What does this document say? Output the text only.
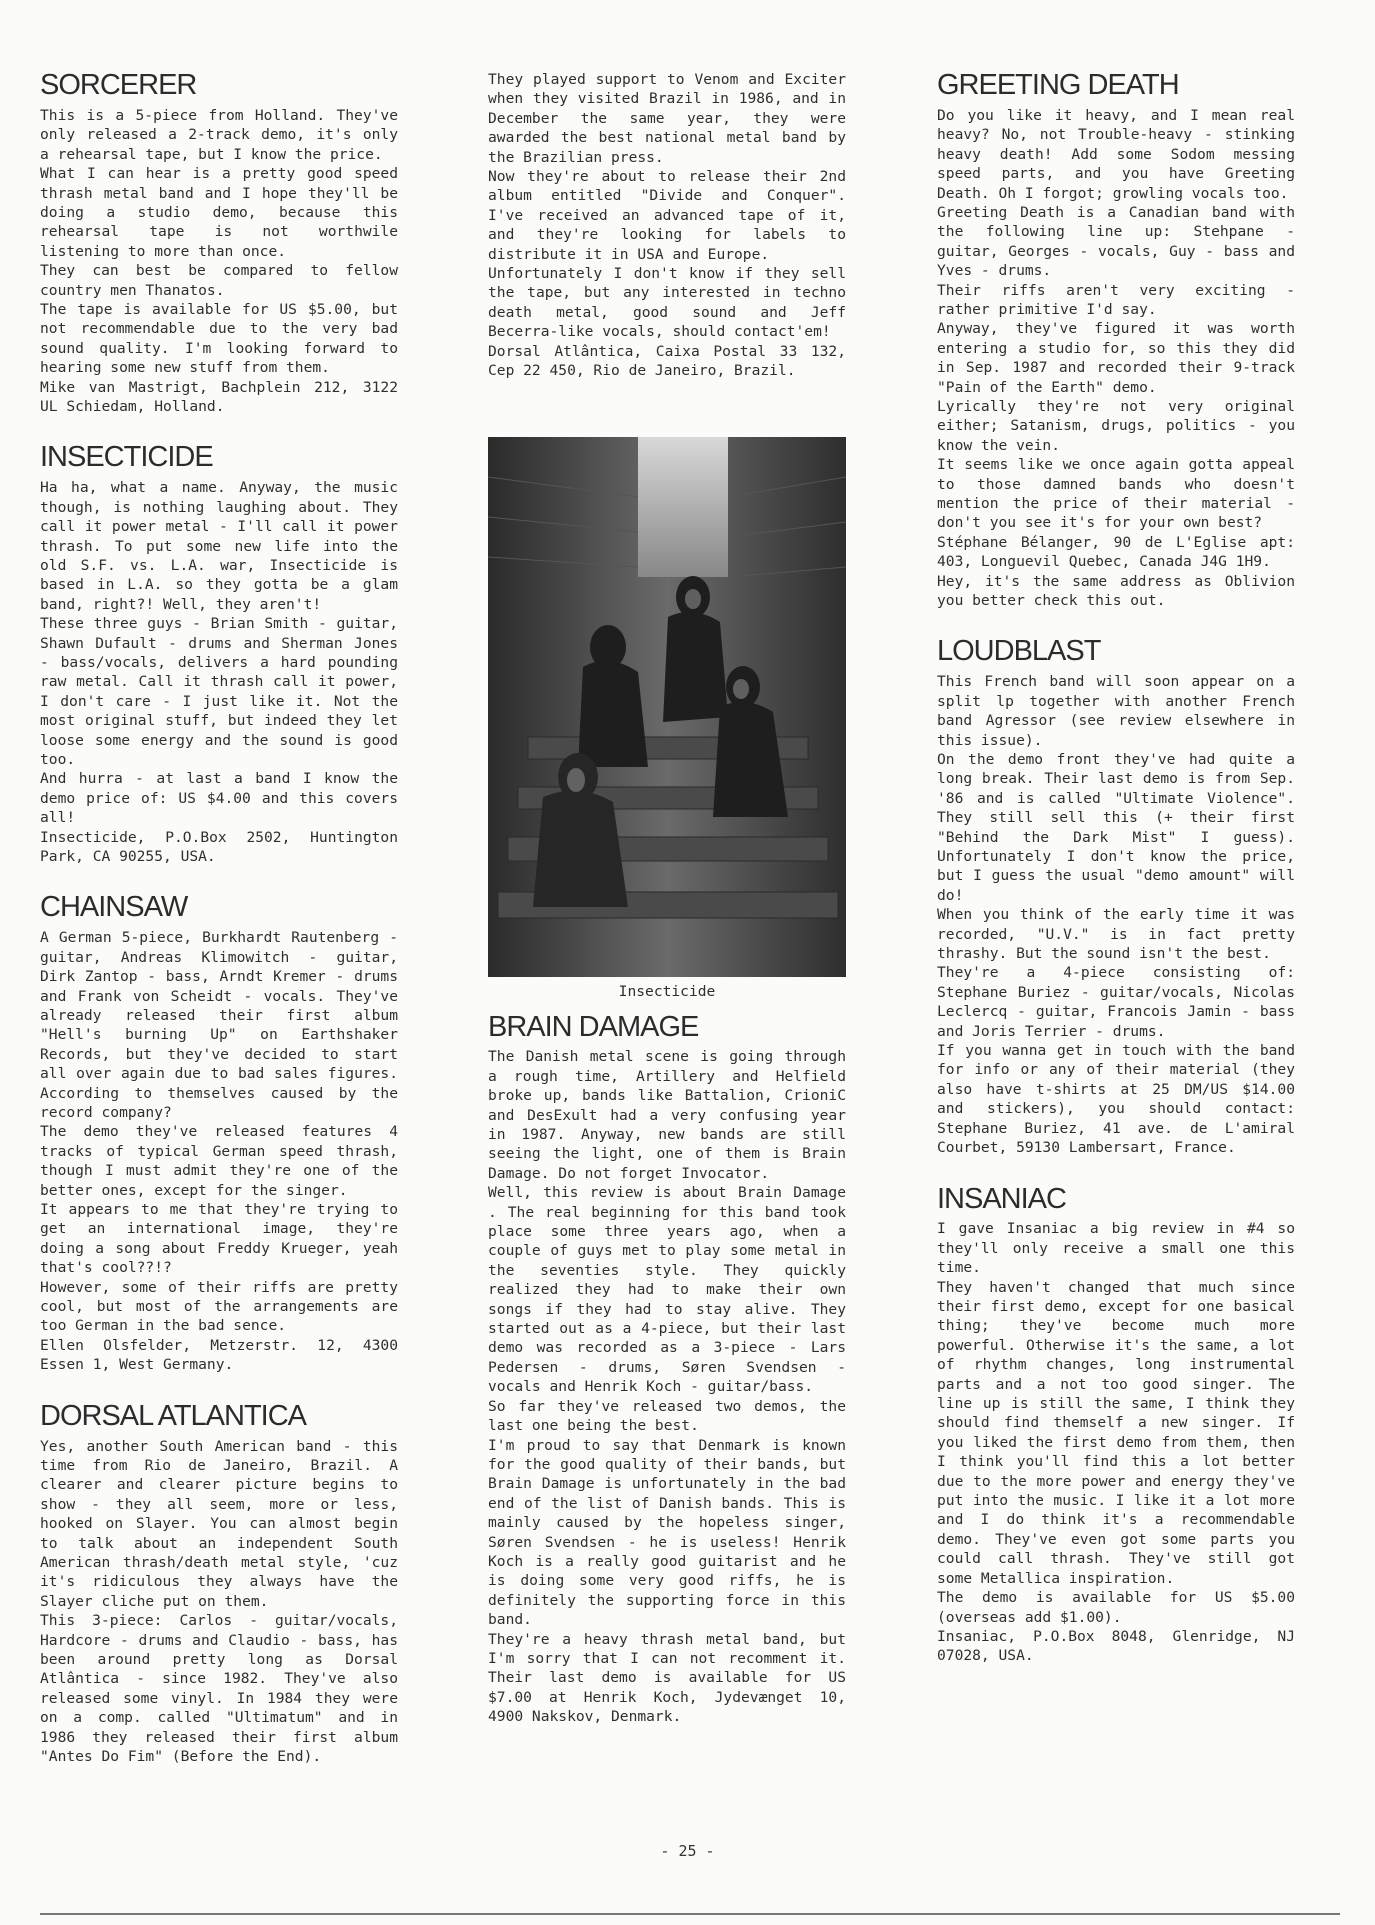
SORCERER

This is a 5-piece from Holland. They've only released a 2-track demo, it's only a rehearsal tape, but I know the price.
What I can hear is a pretty good speed thrash metal band and I hope they'll be doing a studio demo, because this rehearsal tape is not worthwile listening to more than once.
They can best be compared to fellow country men Thanatos.
The tape is available for US $5.00, but not recommendable due to the very bad sound quality. I'm looking forward to hearing some new stuff from them.
Mike van Mastrigt, Bachplein 212, 3122 UL Schiedam, Holland.

INSECTICIDE

Ha ha, what a name. Anyway, the music though, is nothing laughing about. They call it power metal - I'll call it power thrash. To put some new life into the old S.F. vs. L.A. war, Insecticide is based in L.A. so they gotta be a glam band, right?! Well, they aren't!
These three guys - Brian Smith - guitar, Shawn Dufault - drums and Sherman Jones - bass/vocals, delivers a hard pounding raw metal. Call it thrash call it power, I don't care - I just like it. Not the most original stuff, but indeed they let loose some energy and the sound is good too.
And hurra - at last a band I know the demo price of: US $4.00 and this covers all!
Insecticide, P.O.Box 2502, Huntington Park, CA 90255, USA.

CHAINSAW

A German 5-piece, Burkhardt Rautenberg - guitar, Andreas Klimowitch - guitar, Dirk Zantop - bass, Arndt Kremer - drums and Frank von Scheidt - vocals. They've already released their first album "Hell's burning Up" on Earthshaker Records, but they've decided to start all over again due to bad sales figures. According to themselves caused by the record company?
The demo they've released features 4 tracks of typical German speed thrash, though I must admit they're one of the better ones, except for the singer.
It appears to me that they're trying to get an international image, they're doing a song about Freddy Krueger, yeah that's cool??!?
However, some of their riffs are pretty cool, but most of the arrangements are too German in the bad sence.
Ellen Olsfelder, Metzerstr. 12, 4300 Essen 1, West Germany.

DORSAL ATLANTICA

Yes, another South American band - this time from Rio de Janeiro, Brazil. A clearer and clearer picture begins to show - they all seem, more or less, hooked on Slayer. You can almost begin to talk about an independent South American thrash/death metal style, 'cuz it's ridiculous they always have the Slayer cliche put on them.
This 3-piece: Carlos - guitar/vocals, Hardcore - drums and Claudio - bass, has been around pretty long as Dorsal Atlântica - since 1982. They've also released some vinyl. In 1984 they were on a comp. called "Ultimatum" and in 1986 they released their first album "Antes Do Fim" (Before the End).

They played support to Venom and Exciter when they visited Brazil in 1986, and in December the same year, they were awarded the best national metal band by the Brazilian press.
Now they're about to release their 2nd album entitled "Divide and Conquer". I've received an advanced tape of it, and they're looking for labels to distribute it in USA and Europe.
Unfortunately I don't know if they sell the tape, but any interested in techno death metal, good sound and Jeff Becerra-like vocals, should contact'em!
Dorsal Atlântica, Caixa Postal 33 132, Cep 22 450, Rio de Janeiro, Brazil.

Insecticide
BRAIN DAMAGE

The Danish metal scene is going through a rough time, Artillery and Helfield broke up, bands like Battalion, CrioniC and DesExult had a very confusing year in 1987. Anyway, new bands are still seeing the light, one of them is Brain Damage. Do not forget Invocator.
Well, this review is about Brain Damage . The real beginning for this band took place some three years ago, when a couple of guys met to play some metal in the seventies style. They quickly realized they had to make their own songs if they had to stay alive. They started out as a 4-piece, but their last demo was recorded as a 3-piece - Lars Pedersen - drums, Søren Svendsen - vocals and Henrik Koch - guitar/bass.
So far they've released two demos, the last one being the best.
I'm proud to say that Denmark is known for the good quality of their bands, but Brain Damage is unfortunately in the bad end of the list of Danish bands. This is mainly caused by the hopeless singer, Søren Svendsen - he is useless! Henrik Koch is a really good guitarist and he is doing some very good riffs, he is definitely the supporting force in this band.
They're a heavy thrash metal band, but I'm sorry that I can not recomment it. Their last demo is available for US $7.00 at Henrik Koch, Jydevænget 10, 4900 Nakskov, Denmark.

GREETING DEATH

Do you like it heavy, and I mean real heavy? No, not Trouble-heavy - stinking heavy death! Add some Sodom messing speed parts, and you have Greeting Death. Oh I forgot; growling vocals too.
Greeting Death is a Canadian band with the following line up: Stehpane - guitar, Georges - vocals, Guy - bass and Yves - drums.
Their riffs aren't very exciting - rather primitive I'd say.
Anyway, they've figured it was worth entering a studio for, so this they did in Sep. 1987 and recorded their 9-track "Pain of the Earth" demo.
Lyrically they're not very original either; Satanism, drugs, politics - you know the vein.
It seems like we once again gotta appeal to those damned bands who doesn't mention the price of their material - don't you see it's for your own best?
Stéphane Bélanger, 90 de L'Eglise apt: 403, Longuevil Quebec, Canada J4G 1H9.
Hey, it's the same address as Oblivion you better check this out.

LOUDBLAST

This French band will soon appear on a split lp together with another French band Agressor (see review elsewhere in this issue).
On the demo front they've had quite a long break. Their last demo is from Sep. '86 and is called "Ultimate Violence". They still sell this (+ their first "Behind the Dark Mist" I guess). Unfortunately I don't know the price, but I guess the usual "demo amount" will do!
When you think of the early time it was recorded, "U.V." is in fact pretty thrashy. But the sound isn't the best.
They're a 4-piece consisting of: Stephane Buriez - guitar/vocals, Nicolas Leclercq - guitar, Francois Jamin - bass and Joris Terrier - drums.
If you wanna get in touch with the band for info or any of their material (they also have t-shirts at 25 DM/US $14.00 and stickers), you should contact: Stephane Buriez, 41 ave. de L'amiral Courbet, 59130 Lambersart, France.

INSANIAC

I gave Insaniac a big review in #4 so they'll only receive a small one this time.
They haven't changed that much since their first demo, except for one basical thing; they've become much more powerful. Otherwise it's the same, a lot of rhythm changes, long instrumental parts and a not too good singer. The line up is still the same, I think they should find themself a new singer. If you liked the first demo from them, then I think you'll find this a lot better due to the more power and energy they've put into the music. I like it a lot more and I do think it's a recommendable demo. They've even got some parts you could call thrash. They've still got some Metallica inspiration.
The demo is available for US $5.00 (overseas add $1.00).
Insaniac, P.O.Box 8048, Glenridge, NJ 07028, USA.

- 25 -
